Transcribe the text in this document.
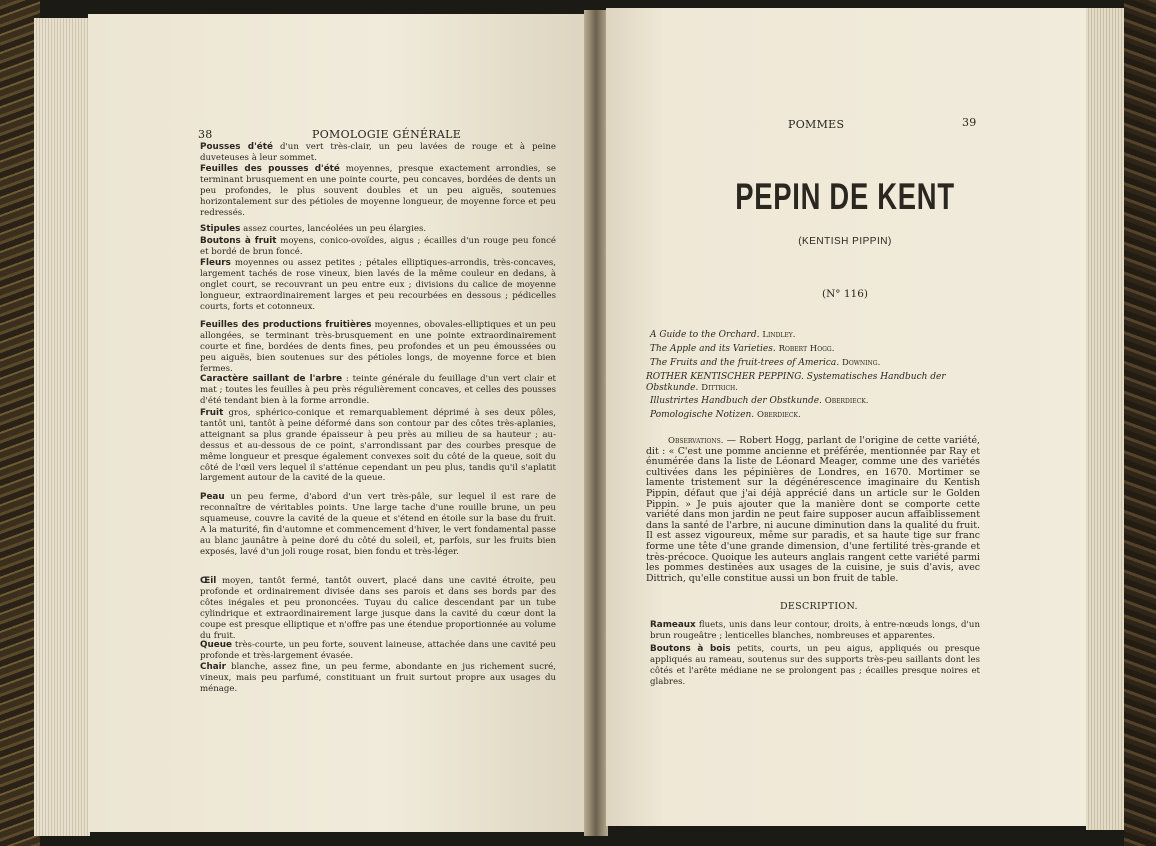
38	POMOLOGIE GÉNÉRALE

Pousses d'été d'un vert très-clair, un peu lavées de rouge et à peine duveteuses à leur sommet.

Feuilles des pousses d'été moyennes, presque exactement arrondies, se terminant brusquement en une pointe courte, peu concaves, bordées de dents un peu profondes, le plus souvent doubles et un peu aiguës, soutenues horizontalement sur des pétioles de moyenne longueur, de moyenne force et peu redressés.

Stipules assez courtes, lancéolées un peu élargies.

Boutons à fruit moyens, conico-ovoïdes, aigus ; écailles d'un rouge peu foncé et bordé de brun foncé.

Fleurs moyennes ou assez petites ; pétales elliptiques-arrondis, très-concaves, largement tachés de rose vineux, bien lavés de la même couleur en dedans, à onglet court, se recouvrant un peu entre eux ; divisions du calice de moyenne longueur, extraordinairement larges et peu recourbées en dessous ; pédicelles courts, forts et cotonneux.

Feuilles des productions fruitières moyennes, obovales-elliptiques et un peu allongées, se terminant très-brusquement en une pointe extraordinairement courte et fine, bordées de dents fines, peu profondes et un peu émoussées ou peu aiguës, bien soutenues sur des pétioles longs, de moyenne force et bien fermes.

Caractère saillant de l'arbre : teinte générale du feuillage d'un vert clair et mat ; toutes les feuilles à peu près régulièrement concaves, et celles des pousses d'été tendant bien à la forme arrondie.

Fruit gros, sphérico-conique et remarquablement déprimé à ses deux pôles, tantôt uni, tantôt à peine déformé dans son contour par des côtes très-aplanies, atteignant sa plus grande épaisseur à peu près au milieu de sa hauteur ; au-dessus et au-dessous de ce point, s'arrondissant par des courbes presque de même longueur et presque également convexes soit du côté de la queue, soit du côté de l'œil vers lequel il s'atténue cependant un peu plus, tandis qu'il s'aplatit largement autour de la cavité de la queue.

Peau un peu ferme, d'abord d'un vert très-pâle, sur lequel il est rare de reconnaître de véritables points. Une large tache d'une rouille brune, un peu squameuse, couvre la cavité de la queue et s'étend en étoile sur la base du fruit. A la maturité, fin d'automne et commencement d'hiver, le vert fondamental passe au blanc jaunâtre à peine doré du côté du soleil, et, parfois, sur les fruits bien exposés, lavé d'un joli rouge rosat, bien fondu et très-léger.

Œil moyen, tantôt fermé, tantôt ouvert, placé dans une cavité étroite, peu profonde et ordinairement divisée dans ses parois et dans ses bords par des côtes inégales et peu prononcées. Tuyau du calice descendant par un tube cylindrique et extraordinairement large jusque dans la cavité du cœur dont la coupe est presque elliptique et n'offre pas une étendue proportionnée au volume du fruit.

Queue très-courte, un peu forte, souvent laineuse, attachée dans une cavité peu profonde et très-largement évasée.

Chair blanche, assez fine, un peu ferme, abondante en jus richement sucré, vineux, mais peu parfumé, constituant un fruit surtout propre aux usages du ménage.

POMMES	39
PEPIN DE KENT
(KENTISH PIPPIN)
(N° 116)
A Guide to the Orchard. Lindley.
The Apple and its Varieties. Robert Hogg.
The Fruits and the fruit-trees of America. Downing.
ROTHER KENTISCHER PEPPING. Systematisches Handbuch der Obstkunde. Dittrich.
Illustrirtes Handbuch der Obstkunde. Oberdieck.
Pomologische Notizen. Oberdieck.

Observations. — Robert Hogg, parlant de l'origine de cette variété, dit : « C'est une pomme ancienne et préférée, mentionnée par Ray et énumérée dans la liste de Léonard Meager, comme une des variétés cultivées dans les pépinières de Londres, en 1670. Mortimer se lamente tristement sur la dégénérescence imaginaire du Kentish Pippin, défaut que j'ai déjà apprécié dans un article sur le Golden Pippin. » Je puis ajouter que la manière dont se comporte cette variété dans mon jardin ne peut faire supposer aucun affaiblissement dans la santé de l'arbre, ni aucune diminution dans la qualité du fruit. Il est assez vigoureux, même sur paradis, et sa haute tige sur franc forme une tête d'une grande dimension, d'une fertilité très-grande et très-précoce. Quoique les auteurs anglais rangent cette variété parmi les pommes destinées aux usages de la cuisine, je suis d'avis, avec Dittrich, qu'elle constitue aussi un bon fruit de table.

DESCRIPTION.

Rameaux fluets, unis dans leur contour, droits, à entre-nœuds longs, d'un brun rougeâtre ; lenticelles blanches, nombreuses et apparentes.

Boutons à bois petits, courts, un peu aigus, appliqués ou presque appliqués au rameau, soutenus sur des supports très-peu saillants dont les côtés et l'arête médiane ne se prolongent pas ; écailles presque noires et glabres.
